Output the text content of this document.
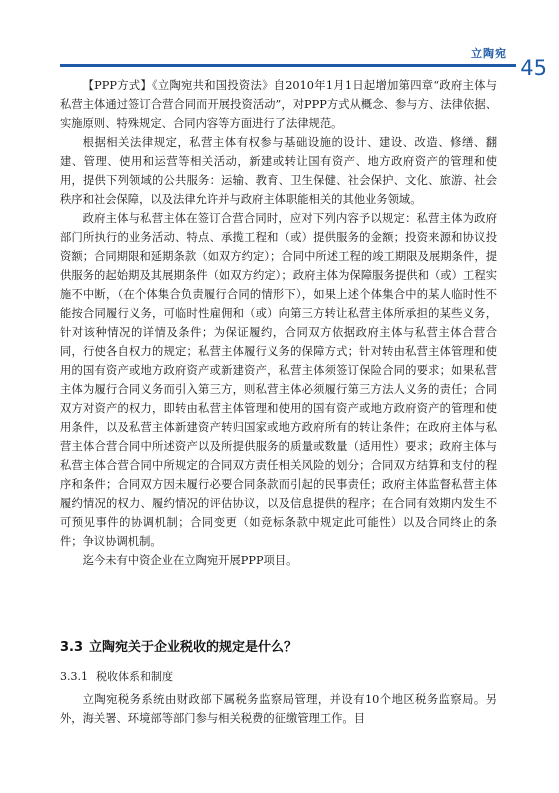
立陶宛
45

【PPP方式】《立陶宛共和国投资法》自2010年1月1日起增加第四章“政府主体与私营主体通过签订合营合同而开展投资活动”，对PPP方式从概念、参与方、法律依据、实施原则、特殊规定、合同内容等方面进行了法律规范。

根据相关法律规定，私营主体有权参与基础设施的设计、建设、改造、修缮、翻建、管理、使用和运营等相关活动，新建或转让国有资产、地方政府资产的管理和使用，提供下列领域的公共服务：运输、教育、卫生保健、社会保护、文化、旅游、社会秩序和社会保障，以及法律允许并与政府主体职能相关的其他业务领域。

政府主体与私营主体在签订合营合同时，应对下列内容予以规定：私营主体为政府部门所执行的业务活动、特点、承揽工程和（或）提供服务的金额；投资来源和协议投资额；合同期限和延期条款（如双方约定）；合同中所述工程的竣工期限及展期条件，提供服务的起始期及其展期条件（如双方约定）；政府主体为保障服务提供和（或）工程实施不中断，（在个体集合负责履行合同的情形下），如果上述个体集合中的某人临时性不能按合同履行义务，可临时性雇佣和（或）向第三方转让私营主体所承担的某些义务，针对该种情况的详情及条件；为保证履约，合同双方依据政府主体与私营主体合营合同，行使各自权力的规定；私营主体履行义务的保障方式；针对转由私营主体管理和使用的国有资产或地方政府资产或新建资产，私营主体须签订保险合同的要求；如果私营主体为履行合同义务而引入第三方，则私营主体必须履行第三方法人义务的责任；合同双方对资产的权力，即转由私营主体管理和使用的国有资产或地方政府资产的管理和使用条件，以及私营主体新建资产转归国家或地方政府所有的转让条件；在政府主体与私营主体合营合同中所述资产以及所提供服务的质量或数量（适用性）要求；政府主体与私营主体合营合同中所规定的合同双方责任相关风险的划分；合同双方结算和支付的程序和条件；合同双方因未履行必要合同条款而引起的民事责任；政府主体监督私营主体履约情况的权力、履约情况的评估协议，以及信息提供的程序；在合同有效期内发生不可预见事件的协调机制；合同变更（如竞标条款中规定此可能性）以及合同终止的条件；争议协调机制。

迄今未有中资企业在立陶宛开展PPP项目。

3.3 立陶宛关于企业税收的规定是什么？
3.3.1 税收体系和制度

立陶宛税务系统由财政部下属税务监察局管理，并设有10个地区税务监察局。另外，海关署、环境部等部门参与相关税费的征缴管理工作。目
